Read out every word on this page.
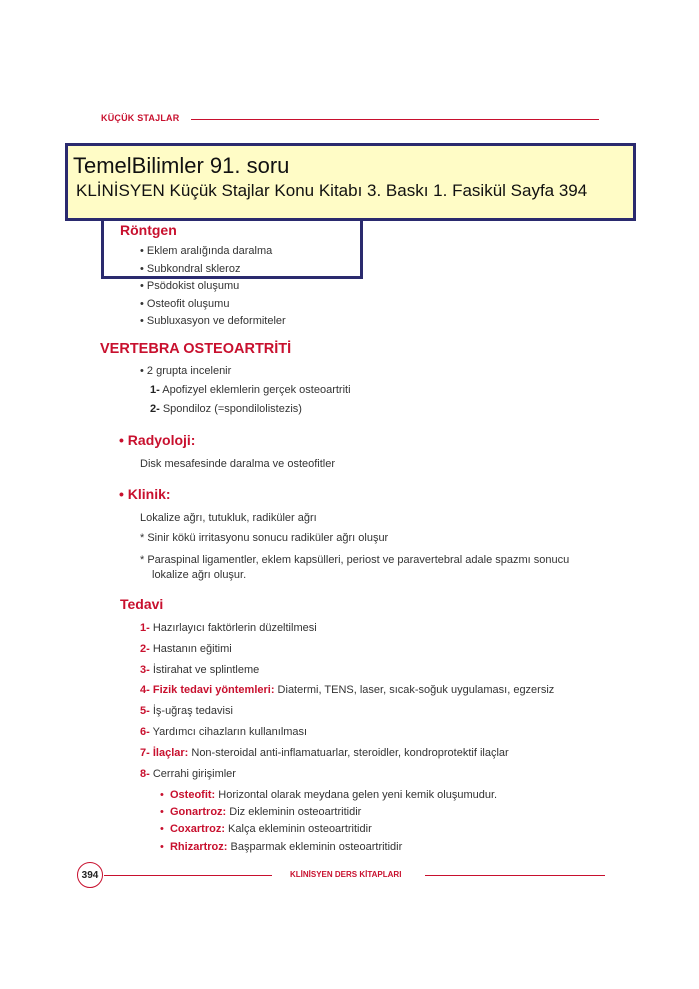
KÜÇÜK STAJLAR
Röntgen
• Eklem aralığında daralma
• Subkondral skleroz
• Psödokist oluşumu
• Osteofit oluşumu
• Subluxasyon ve deformiteler
TemelBilimler 91. soru
KLİNİSYEN Küçük Stajlar Konu Kitabı 3. Baskı 1. Fasikül Sayfa 394
VERTEBRA OSTEOARTRİTİ
• 2 grupta incelenir
1- Apofizyel eklemlerin gerçek osteoartriti
2- Spondiloz (=spondilolistezis)
• Radyoloji:
Disk mesafesinde daralma ve osteofitler
• Klinik:
Lokalize ağrı, tutukluk, radiküler ağrı
* Sinir kökü irritasyonu sonucu radiküler ağrı oluşur
* Paraspinal ligamentler, eklem kapsülleri, periost ve paravertebral adale spazmı sonucu
lokalize ağrı oluşur.
Tedavi
1- Hazırlayıcı faktörlerin düzeltilmesi
2- Hastanın eğitimi
3- İstirahat ve splintleme
4- Fizik tedavi yöntemleri: Diatermi, TENS, laser, sıcak-soğuk uygulaması, egzersiz
5- İş-uğraş tedavisi
6- Yardımcı cihazların kullanılması
7- İlaçlar: Non-steroidal anti-inflamatuarlar, steroidler, kondroprotektif ilaçlar
8- Cerrahi girişimler
• Osteofit: Horizontal olarak meydana gelen yeni kemik oluşumudur.
• Gonartroz: Diz ekleminin osteoartritidir
• Coxartroz: Kalça ekleminin osteoartritidir
• Rhizartroz: Başparmak ekleminin osteoartritidir
394	KLİNİSYEN DERS KİTAPLARI
